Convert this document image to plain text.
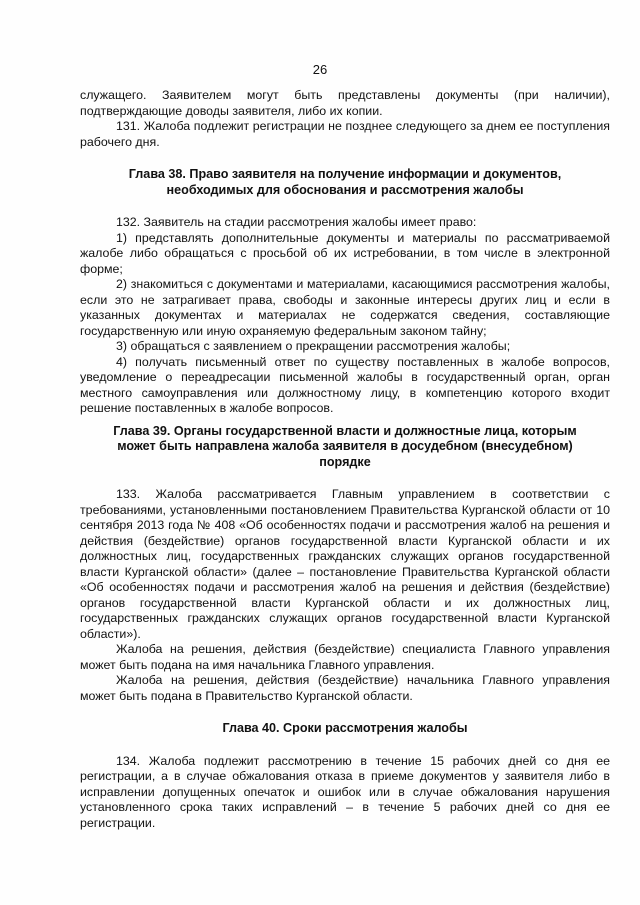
26

служащего. Заявителем могут быть представлены документы (при наличии), подтверждающие доводы заявителя, либо их копии.

131. Жалоба подлежит регистрации не позднее следующего за днем ее поступления рабочего дня.

Глава 38. Право заявителя на получение информации и документов, необходимых для обоснования и рассмотрения жалобы

132. Заявитель на стадии рассмотрения жалобы имеет право:

1) представлять дополнительные документы и материалы по рассматриваемой жалобе либо обращаться с просьбой об их истребовании, в том числе в электронной форме;

2) знакомиться с документами и материалами, касающимися рассмотрения жалобы, если это не затрагивает права, свободы и законные интересы других лиц и если в указанных документах и материалах не содержатся сведения, составляющие государственную или иную охраняемую федеральным законом тайну;

3) обращаться с заявлением о прекращении рассмотрения жалобы;

4) получать письменный ответ по существу поставленных в жалобе вопросов, уведомление о переадресации письменной жалобы в государственный орган, орган местного самоуправления или должностному лицу, в компетенцию которого входит решение поставленных в жалобе вопросов.

Глава 39. Органы государственной власти и должностные лица, которым может быть направлена жалоба заявителя в досудебном (внесудебном) порядке

133. Жалоба рассматривается Главным управлением в соответствии с требованиями, установленными постановлением Правительства Курганской области от 10 сентября 2013 года № 408 «Об особенностях подачи и рассмотрения жалоб на решения и действия (бездействие) органов государственной власти Курганской области и их должностных лиц, государственных гражданских служащих органов государственной власти Курганской области» (далее – постановление Правительства Курганской области «Об особенностях подачи и рассмотрения жалоб на решения и действия (бездействие) органов государственной власти Курганской области и их должностных лиц, государственных гражданских служащих органов государственной власти Курганской области»).

Жалоба на решения, действия (бездействие) специалиста Главного управления может быть подана на имя начальника Главного управления.

Жалоба на решения, действия (бездействие) начальника Главного управления может быть подана в Правительство Курганской области.

Глава 40. Сроки рассмотрения жалобы

134. Жалоба подлежит рассмотрению в течение 15 рабочих дней со дня ее регистрации, а в случае обжалования отказа в приеме документов у заявителя либо в исправлении допущенных опечаток и ошибок или в случае обжалования нарушения установленного срока таких исправлений – в течение 5 рабочих дней со дня ее регистрации.
